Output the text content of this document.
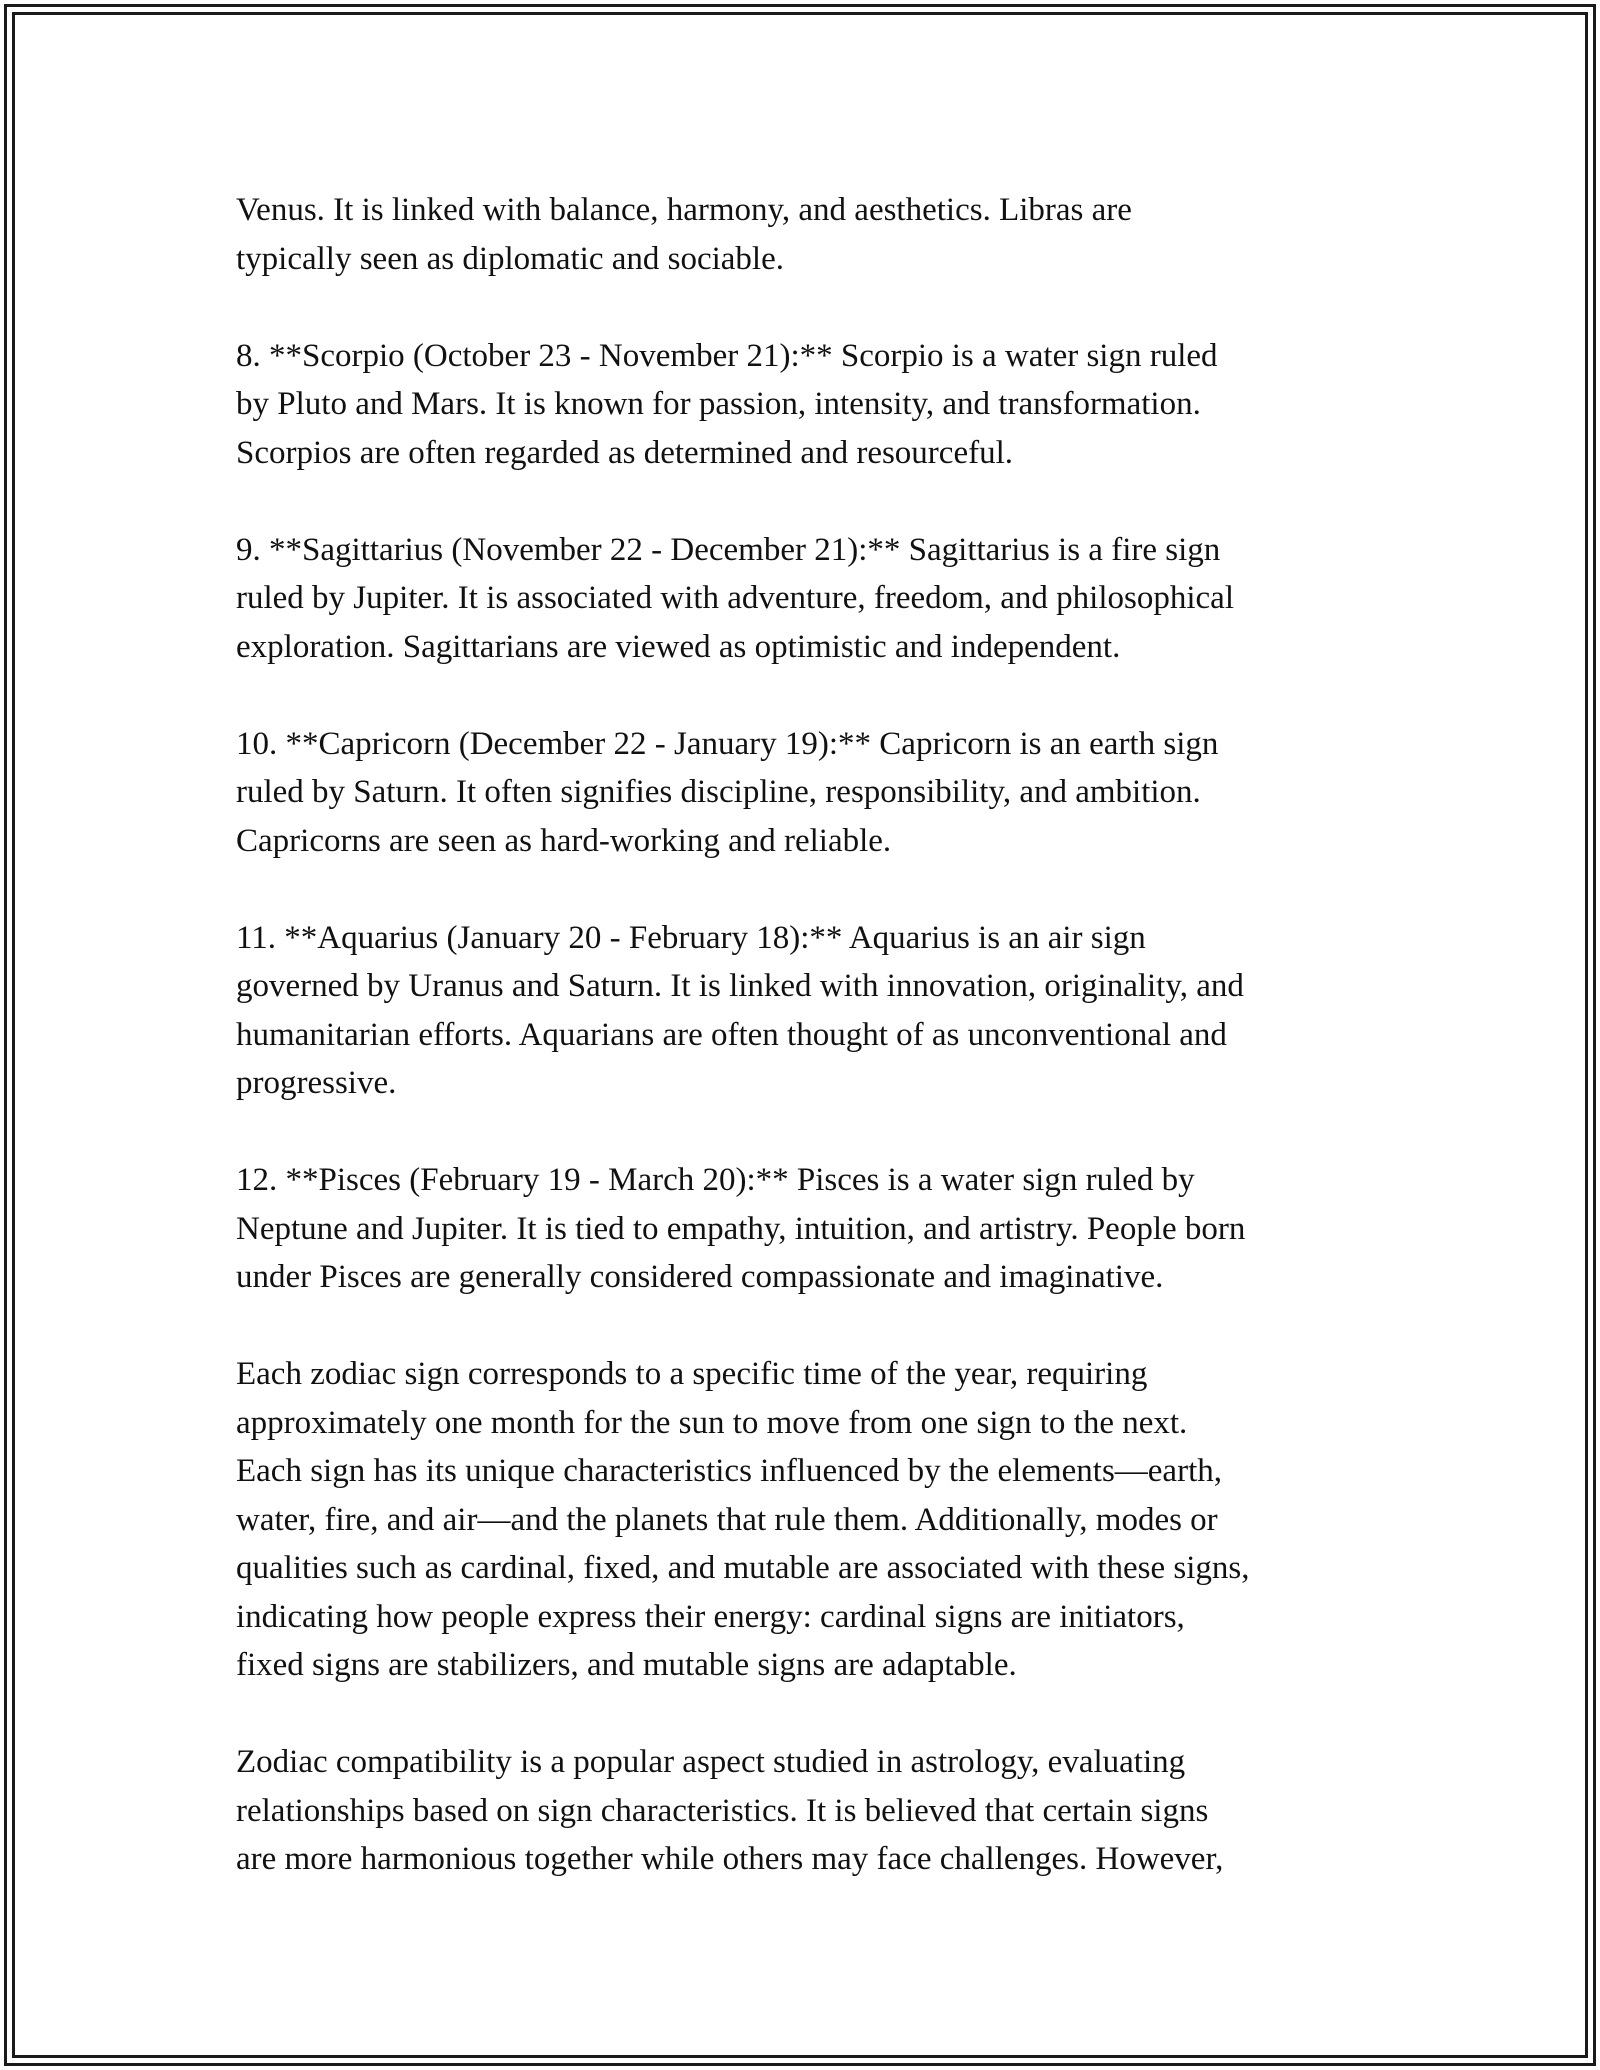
Venus. It is linked with balance, harmony, and aesthetics. Libras are
typically seen as diplomatic and sociable.

8. **Scorpio (October 23 - November 21):** Scorpio is a water sign ruled
by Pluto and Mars. It is known for passion, intensity, and transformation.
Scorpios are often regarded as determined and resourceful.

9. **Sagittarius (November 22 - December 21):** Sagittarius is a fire sign
ruled by Jupiter. It is associated with adventure, freedom, and philosophical
exploration. Sagittarians are viewed as optimistic and independent.

10. **Capricorn (December 22 - January 19):** Capricorn is an earth sign
ruled by Saturn. It often signifies discipline, responsibility, and ambition.
Capricorns are seen as hard-working and reliable.

11. **Aquarius (January 20 - February 18):** Aquarius is an air sign
governed by Uranus and Saturn. It is linked with innovation, originality, and
humanitarian efforts. Aquarians are often thought of as unconventional and
progressive.

12. **Pisces (February 19 - March 20):** Pisces is a water sign ruled by
Neptune and Jupiter. It is tied to empathy, intuition, and artistry. People born
under Pisces are generally considered compassionate and imaginative.

Each zodiac sign corresponds to a specific time of the year, requiring
approximately one month for the sun to move from one sign to the next.
Each sign has its unique characteristics influenced by the elements—earth,
water, fire, and air—and the planets that rule them. Additionally, modes or
qualities such as cardinal, fixed, and mutable are associated with these signs,
indicating how people express their energy: cardinal signs are initiators,
fixed signs are stabilizers, and mutable signs are adaptable.

Zodiac compatibility is a popular aspect studied in astrology, evaluating
relationships based on sign characteristics. It is believed that certain signs
are more harmonious together while others may face challenges. However,
